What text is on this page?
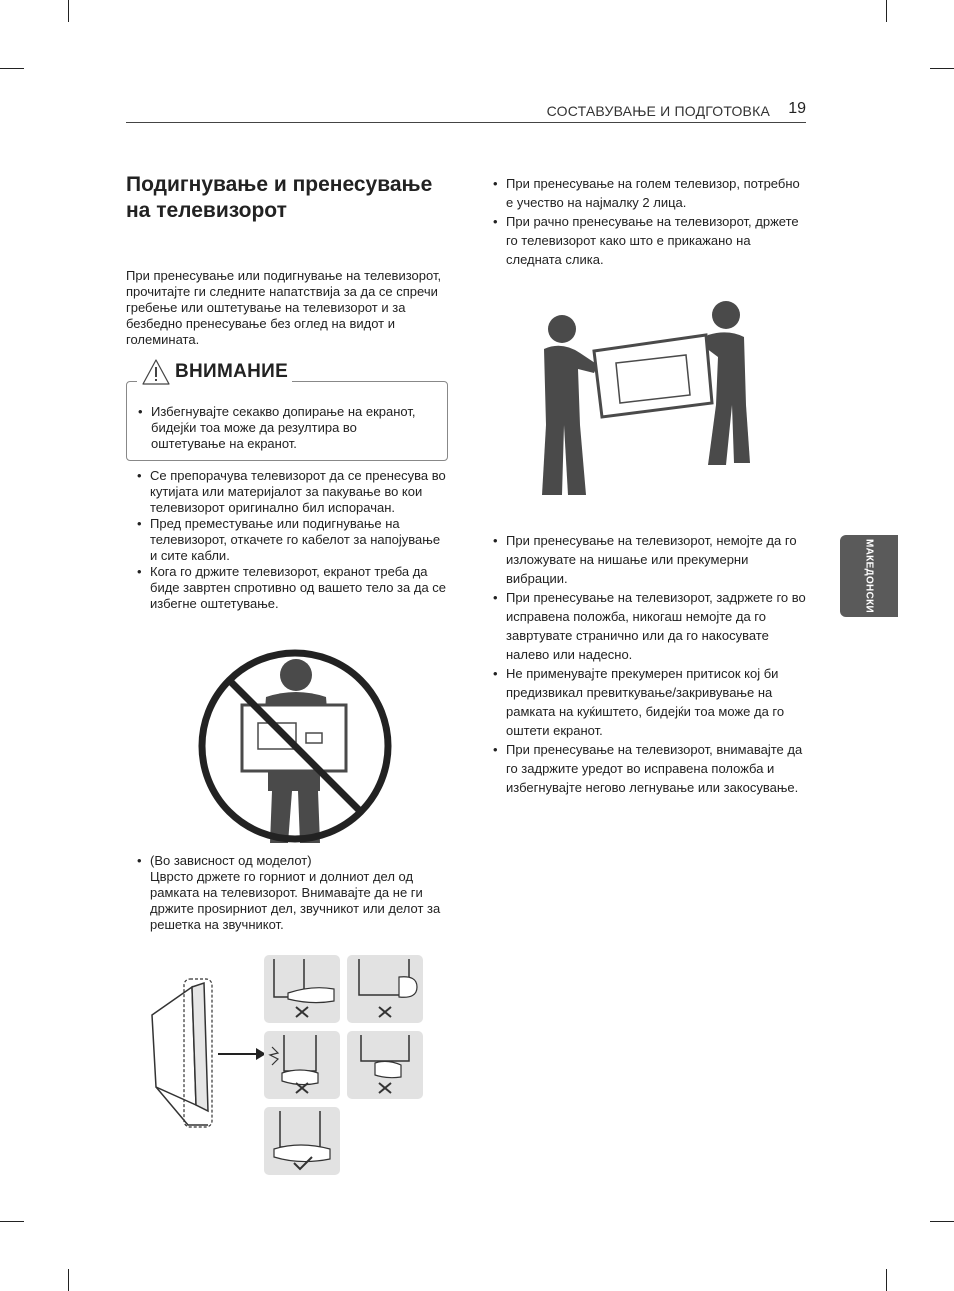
СОСТАВУВАЊЕ И ПОДГОТОВКА 19
МАКЕДОНСКИ
Подигнување и пренесување на телевизорот

При пренесување или подигнување на телевизорот, прочитајте ги следните напатствија за да се спречи гребење или оштетување на телевизорот и за безбедно пренесување без оглед на видот и големината.

ВНИМАНИЕ
• Избегнувајте секакво допирање на екранот, бидејќи тоа може да резултира во оштетување на екранот.
• Се препорачува телевизорот да се пренесува во кутијата или материјалот за пакување во кои телевизорот оригинално бил испорачан.
• Пред преместување или подигнување на телевизорот, откачете го кабелот за напојување и сите кабли.
• Кога го држите телевизорот, екранот треба да биде завртен спротивно од вашето тело за да се избегне оштетување.
• (Во зависност од моделот)
Цврсто држете го горниот и долниот дел од рамката на телевизорот. Внимавајте да не ги држите проѕирниот дел, звучникот или делот за решетка на звучникот.
• При пренесување на голем телевизор, потребно е учество на најмалку 2 лица.
• При рачно пренесување на телевизорот, држете го телевизорот како што е прикажано на следната слика.
• При пренесување на телевизорот, немојте да го изложувате на нишање или прекумерни вибрации.
• При пренесување на телевизорот, задржете го во исправена положба, никогаш немојте да го завртувате странично или да го накосувате налево или надесно.
• Не применувајте прекумерен притисок кој би предизвикал превиткување/закривување на рамката на куќиштето, бидејќи тоа може да го оштети екранот.
• При пренесување на телевизорот, внимавајте да го задржите уредот во исправена положба и избегнувајте негово легнување или закосување.
